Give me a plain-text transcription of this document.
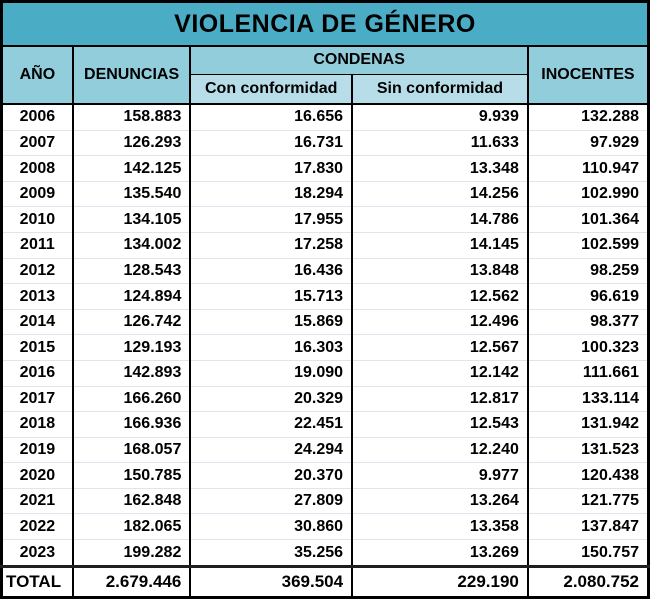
VIOLENCIA DE GÉNERO				
AÑO	DENUNCIAS	CONDENAS		INOCENTES
		Con conformidad	Sin conformidad	
2006	158.883	16.656	9.939	132.288
2007	126.293	16.731	11.633	97.929
2008	142.125	17.830	13.348	110.947
2009	135.540	18.294	14.256	102.990
2010	134.105	17.955	14.786	101.364
2011	134.002	17.258	14.145	102.599
2012	128.543	16.436	13.848	98.259
2013	124.894	15.713	12.562	96.619
2014	126.742	15.869	12.496	98.377
2015	129.193	16.303	12.567	100.323
2016	142.893	19.090	12.142	111.661
2017	166.260	20.329	12.817	133.114
2018	166.936	22.451	12.543	131.942
2019	168.057	24.294	12.240	131.523
2020	150.785	20.370	9.977	120.438
2021	162.848	27.809	13.264	121.775
2022	182.065	30.860	13.358	137.847
2023	199.282	35.256	13.269	150.757
TOTAL	2.679.446	369.504	229.190	2.080.752
